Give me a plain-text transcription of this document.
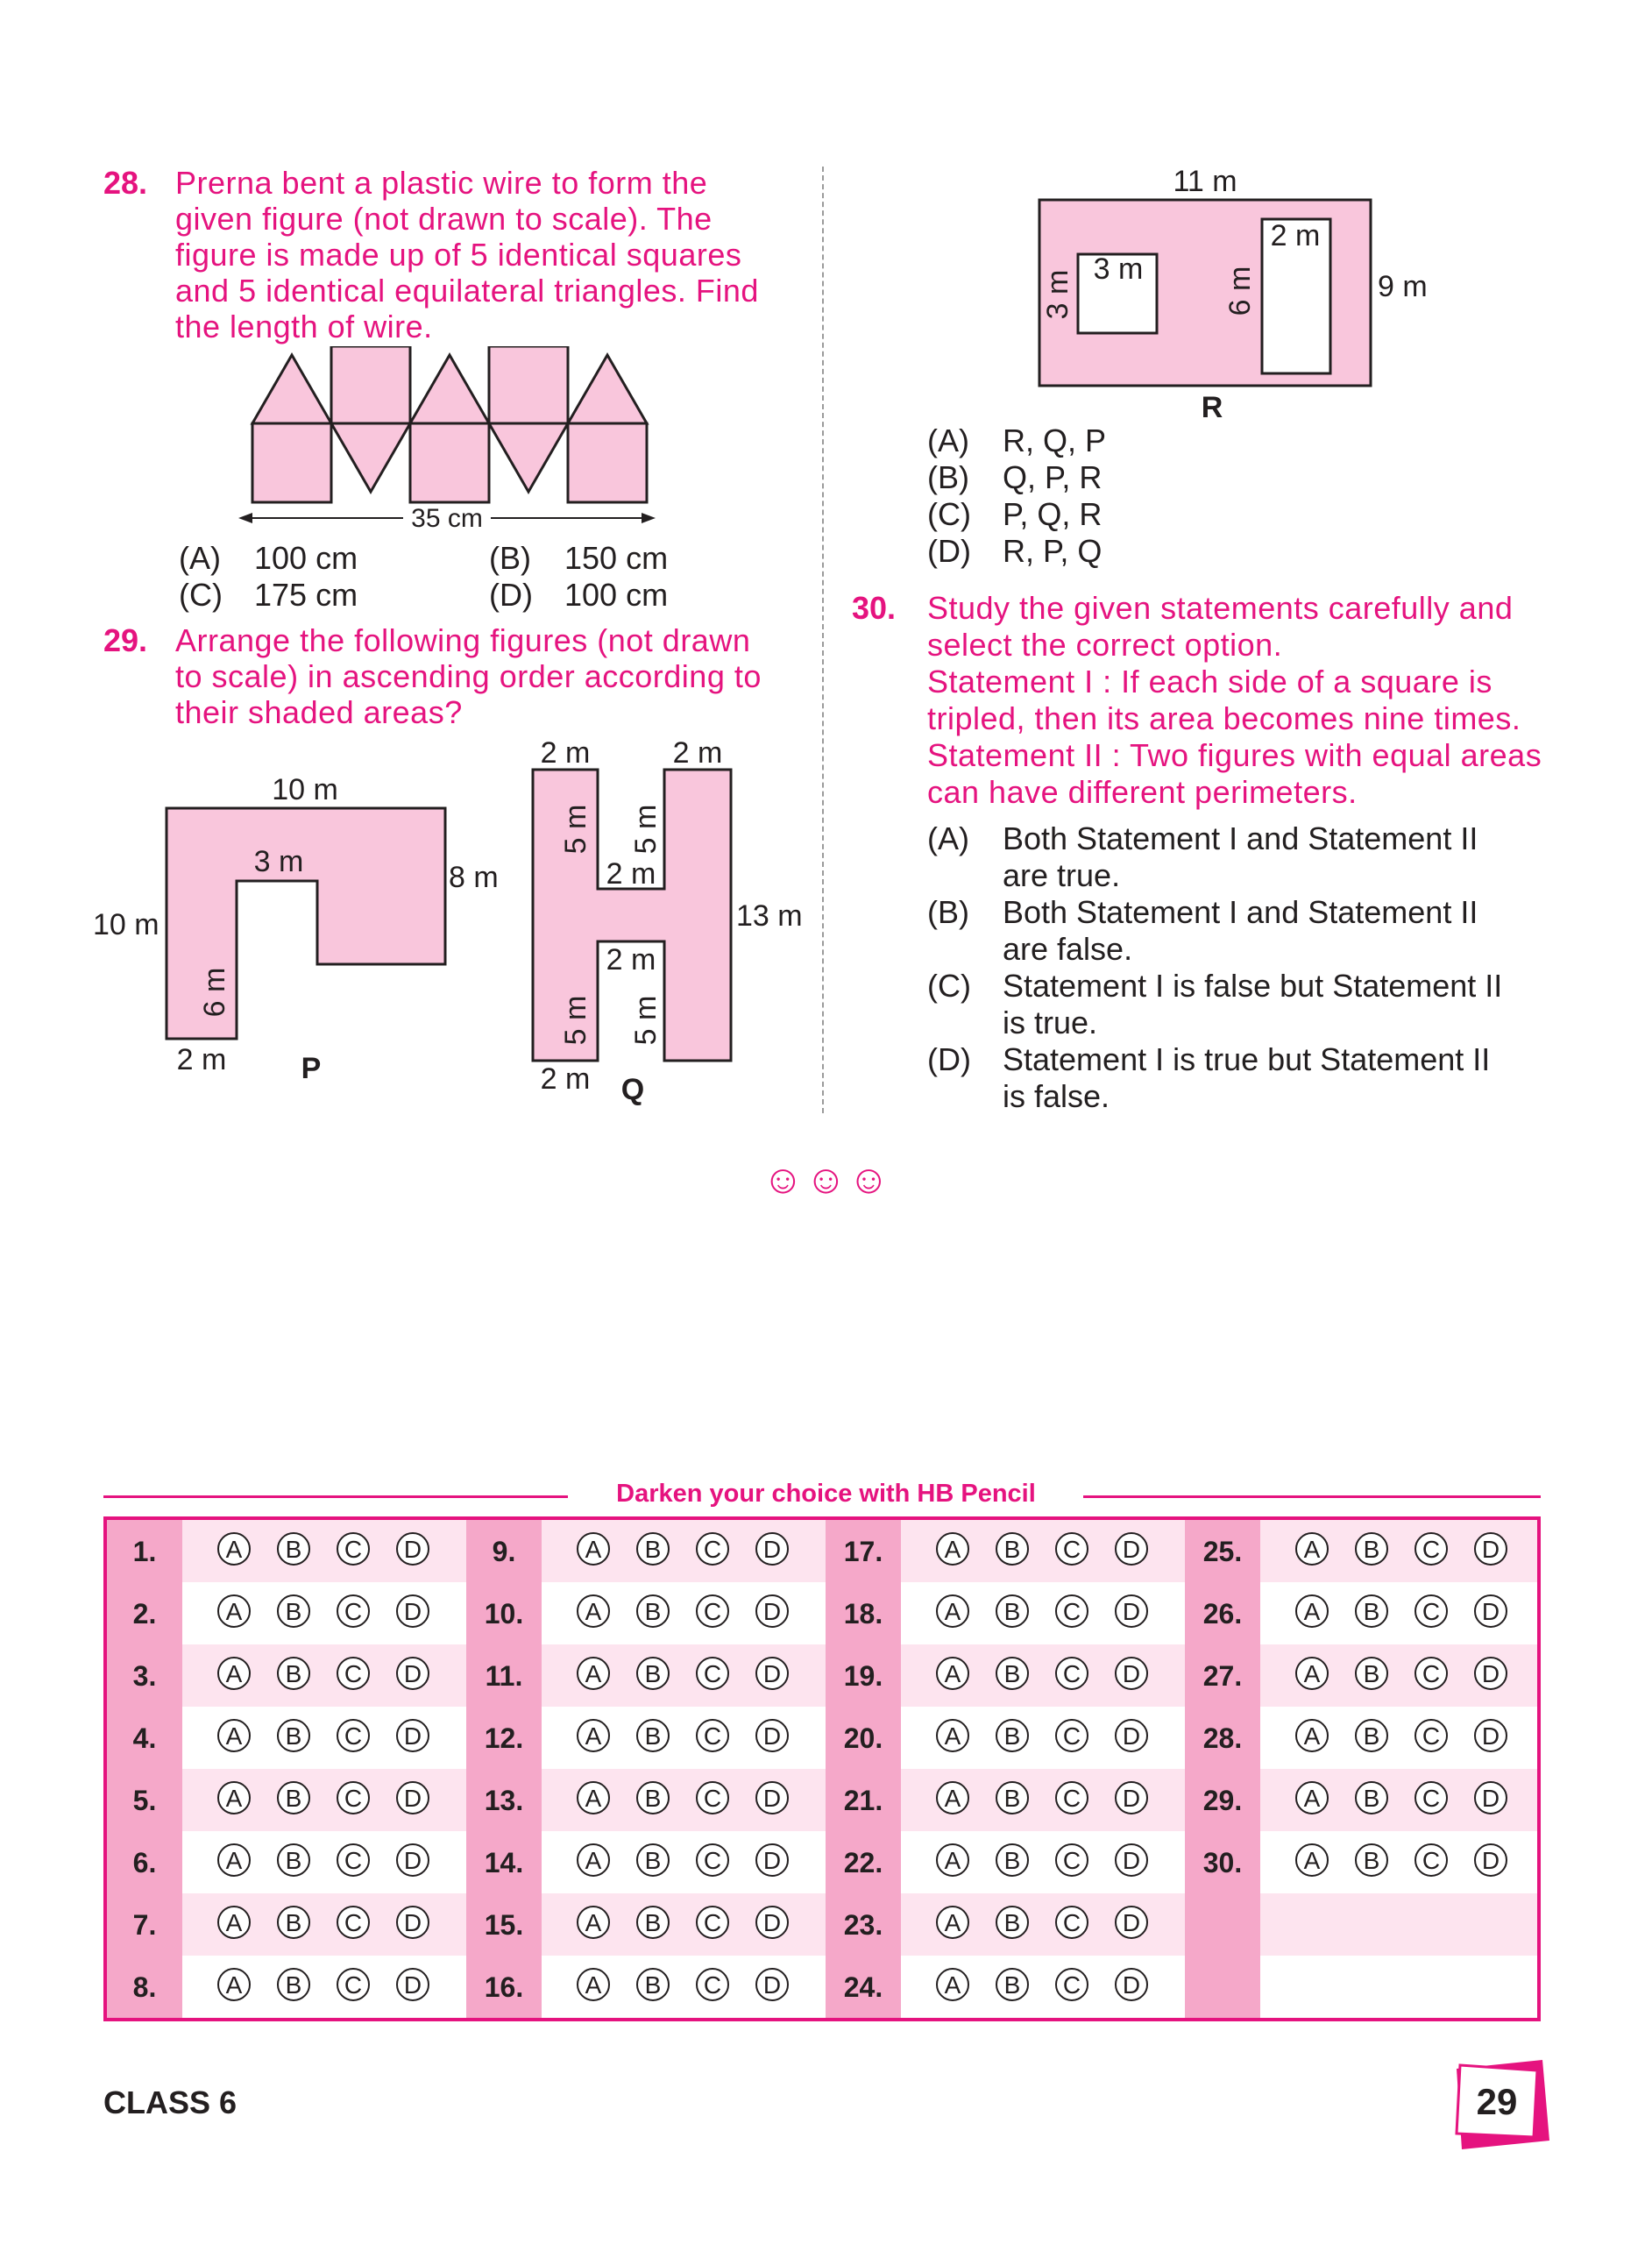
28. Prerna bent a plastic wire to form the
given figure (not drawn to scale). The
figure is made up of 5 identical squares
and 5 identical equilateral triangles. Find
the length of wire.
35 cm
(A) 100 cm	(B) 150 cm
(C) 175 cm	(D) 100 cm
29. Arrange the following figures (not drawn
to scale) in ascending order according to
their shaded areas?
10 m
3 m	8 m
10 m
6 m
2 m	P
2 m	2 m
5 m 5 m
2 m
13 m
2 m
5 m 5 m
2 m Q
11 m
9 m
3 m
3 m
2 m
6 m
R
(A) R, Q, P
(B) Q, P, R
(C) P, Q, R
(D) R, P, Q
30. Study the given statements carefully and
select the correct option.
Statement I : If each side of a square is
tripled, then its area becomes nine times.
Statement II : Two figures with equal areas
can have different perimeters.
(A) Both Statement I and Statement II
are true.
(B) Both Statement I and Statement II
are false.
(C) Statement I is false but Statement II
is true.
(D) Statement I is true but Statement II
is false.
☺☺☺
Darken your choice with HB Pencil
1.	A	B	C	D
2.	A	B	C	D
3.	A	B	C	D
4.	A	B	C	D
5.	A	B	C	D
6.	A	B	C	D
7.	A	B	C	D
8.	A	B	C	D
9.	A	B	C	D
10.	A	B	C	D
11.	A	B	C	D
12.	A	B	C	D
13.	A	B	C	D
14.	A	B	C	D
15.	A	B	C	D
16.	A	B	C	D
17.	A	B	C	D
18.	A	B	C	D
19.	A	B	C	D
20.	A	B	C	D
21.	A	B	C	D
22.	A	B	C	D
23.	A	B	C	D
24.	A	B	C	D
25.	A	B	C	D
26.	A	B	C	D
27.	A	B	C	D
28.	A	B	C	D
29.	A	B	C	D
30.	A	B	C	D
CLASS 6	29
